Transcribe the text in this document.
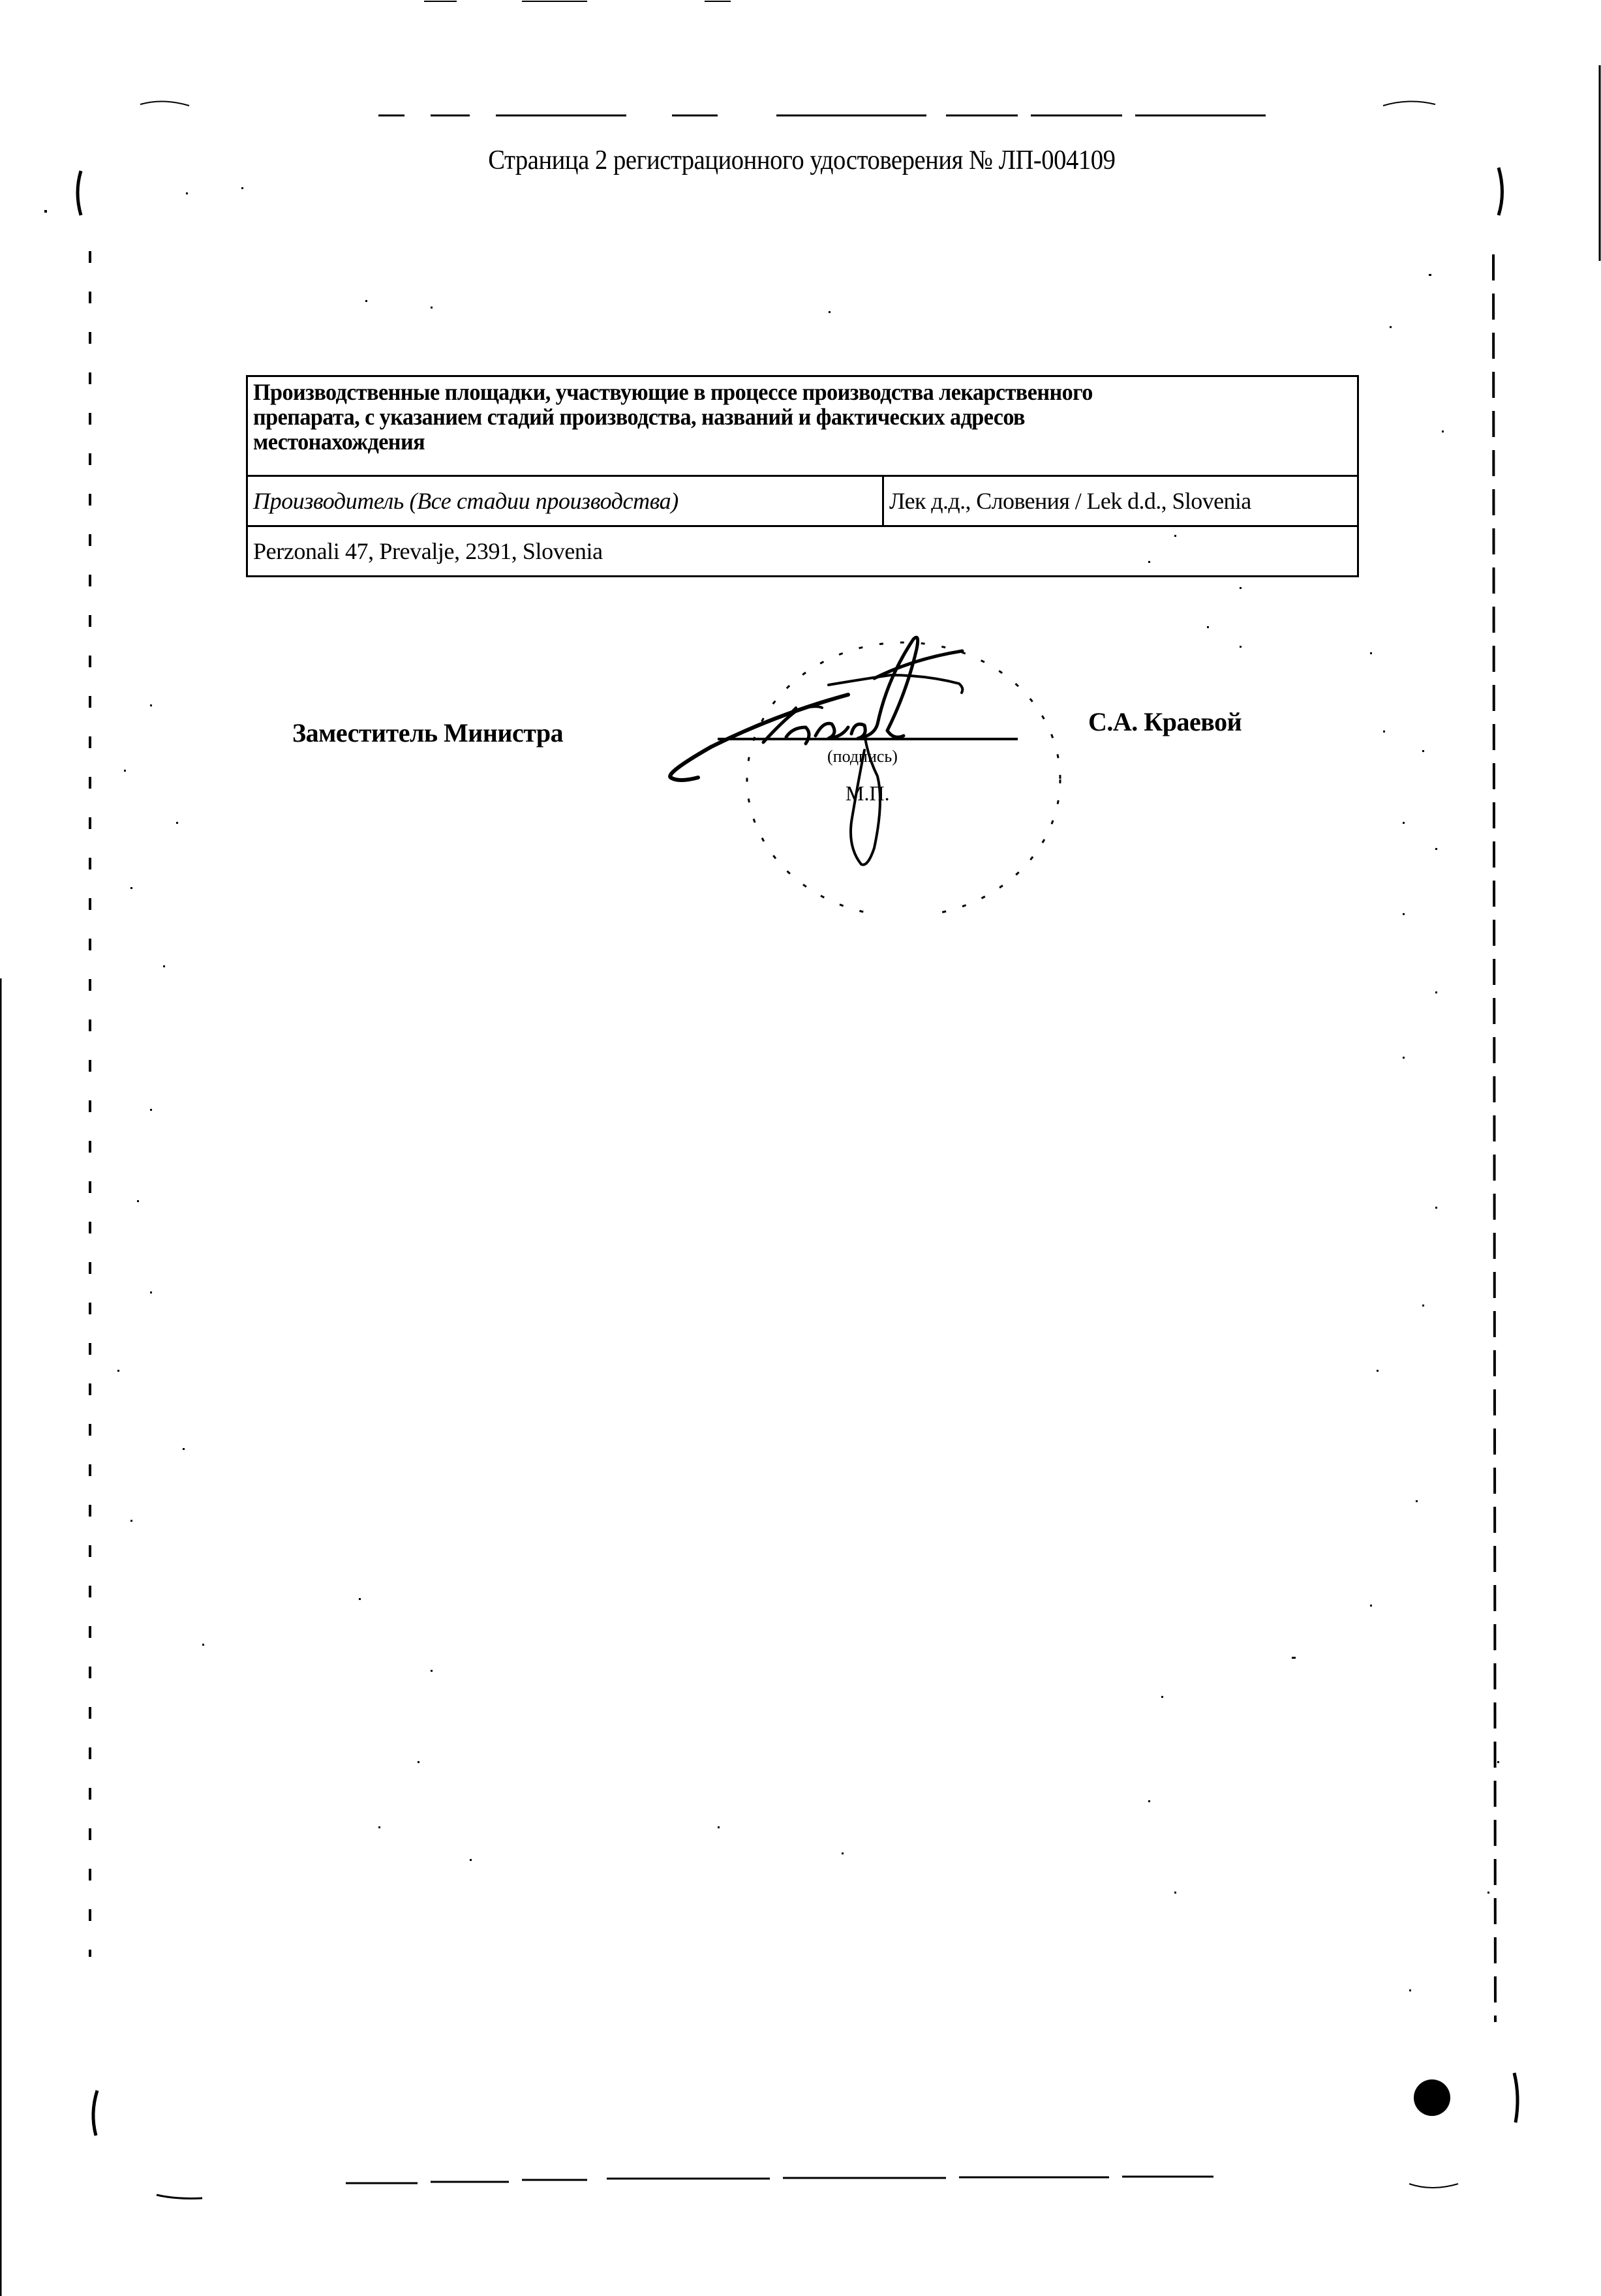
Страница 2 регистрационного удостоверения № ЛП-004109
Производственные площадки, участвующие в процессе производства лекарственного
препарата, с указанием стадий производства, названий и фактических адресов
местонахождения

Производитель (Все стадии производства)	Лек д.д., Словения / Lek d.d., Slovenia
Perzonali 47, Prevalje, 2391, Slovenia
Заместитель Министра
(подпись)
М.П.
С.А. Краевой
